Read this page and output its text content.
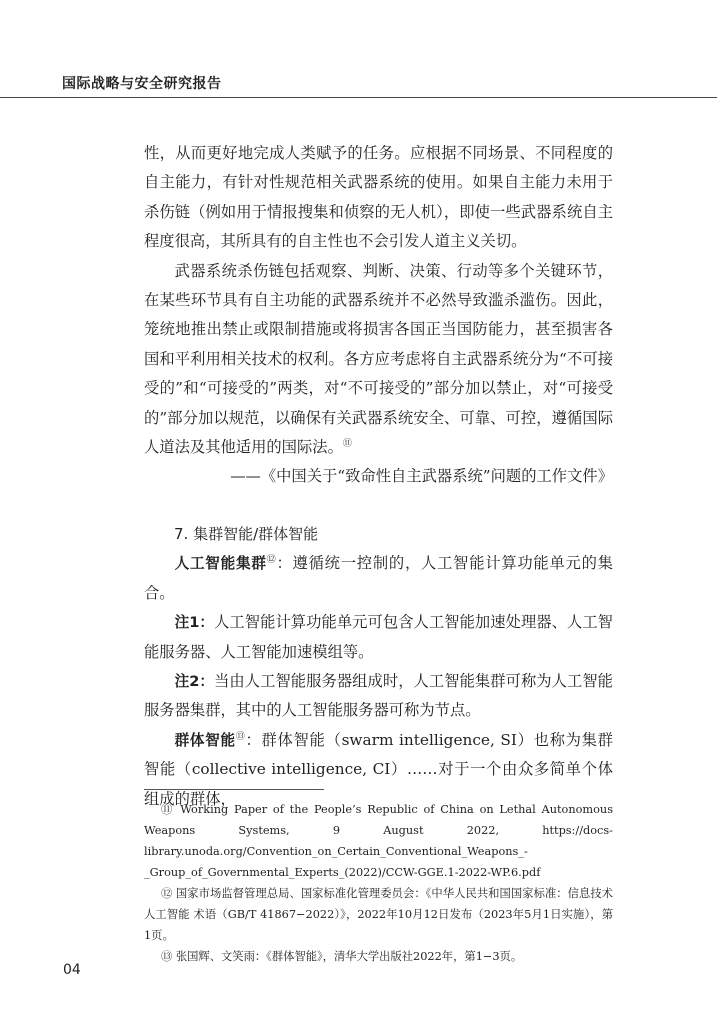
国际战略与安全研究报告

性，从而更好地完成人类赋予的任务。应根据不同场景、不同程度的自主能力，有针对性规范相关武器系统的使用。如果自主能力未用于杀伤链（例如用于情报搜集和侦察的无人机），即使一些武器系统自主程度很高，其所具有的自主性也不会引发人道主义关切。

武器系统杀伤链包括观察、判断、决策、行动等多个关键环节，在某些环节具有自主功能的武器系统并不必然导致滥杀滥伤。因此，笼统地推出禁止或限制措施或将损害各国正当国防能力，甚至损害各国和平利用相关技术的权利。各方应考虑将自主武器系统分为“不可接受的”和“可接受的”两类，对“不可接受的”部分加以禁止，对“可接受的”部分加以规范，以确保有关武器系统安全、可靠、可控，遵循国际人道法及其他适用的国际法。⑪

——《中国关于“致命性自主武器系统”问题的工作文件》

7. 集群智能/群体智能

人工智能集群⑫：遵循统一控制的，人工智能计算功能单元的集合。

注1：人工智能计算功能单元可包含人工智能加速处理器、人工智能服务器、人工智能加速模组等。

注2：当由人工智能服务器组成时，人工智能集群可称为人工智能服务器集群，其中的人工智能服务器可称为节点。

群体智能⑬：群体智能（swarm intelligence, SI）也称为集群智能（collective intelligence, CI）……对于一个由众多简单个体组成的群体，

⑪ Working Paper of the People’s Republic of China on Lethal Autonomous Weapons Systems, 9 August 2022, https://docs-library.unoda.org/Convention_on_Certain_Conventional_Weapons_-_Group_of_Governmental_Experts_(2022)/CCW-GGE.1-2022-WP.6.pdf

⑫ 国家市场监督管理总局、国家标准化管理委员会：《中华人民共和国国家标准：信息技术 人工智能 术语（GB/T 41867−2022）》，2022年10月12日发布（2023年5月1日实施），第1页。

⑬ 张国辉、文笑雨：《群体智能》，清华大学出版社2022年，第1−3页。

04
